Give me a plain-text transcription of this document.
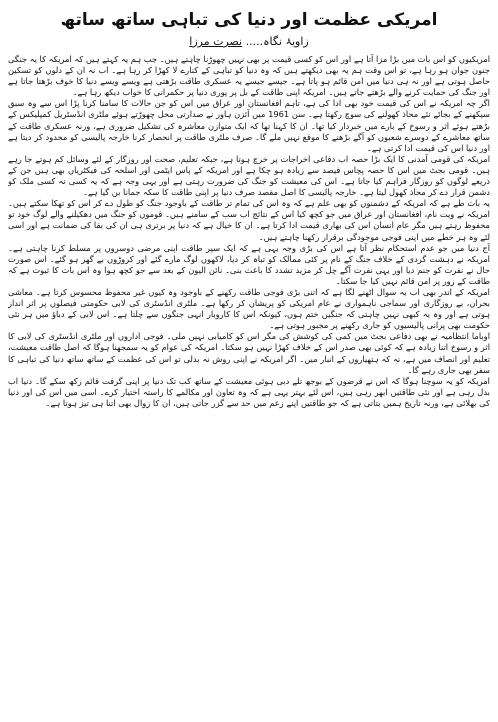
امریکی عظمت اور دنیا کی تباہی ساتھ ساتھ
زاویۂ نگاہ..... نصرت مرزا

امریکیوں کو اس بات میں بڑا مزا آتا ہے اور اس کو کسی قیمت پر بھی نہیں چھوڑنا چاہتے ہیں۔ جب ہم یہ کہتے ہیں کہ امریکہ کا یہ جنگی جنون جوان ہو رہا ہے، تو اس وقت ہم یہ بھی دیکھتے ہیں کہ وہ دنیا کو تباہی کے کنارے لا کھڑا کر رہا ہے۔ اب نہ ان کے دلوں کو تسکین حاصل ہوتی ہے اور نہ ہی دنیا میں امن قائم ہو پاتا ہے۔ جیسے جیسے یہ عسکری طاقت بڑھتی ہے ویسے ویسے دنیا کا خوف بڑھتا جاتا ہے اور جنگ کی حمایت کرنے والے بڑھتے جاتے ہیں۔ امریکہ اپنی طاقت کے بل پر پوری دنیا پر حکمرانی کا خواب دیکھ رہا ہے۔

اگر چہ امریکہ نے اس کی قیمت خود بھی ادا کی ہے، تاہم افغانستان اور عراق میں اس کو جن حالات کا سامنا کرنا پڑا اس سے وہ سبق سیکھنے کے بجائے نئے محاذ کھولنے کی سوچ رکھتا ہے۔ سن 1961 میں آئزن ہاور نے صدارتی محل چھوڑتے ہوئے ملٹری انڈسٹریل کمپلیکس کے بڑھتے ہوئے اثر و رسوخ کے بارے میں خبردار کیا تھا۔ ان کا کہنا تھا کہ ایک متوازن معاشرہ کی تشکیل ضروری ہے، ورنہ عسکری طاقت کے ساتھ معاشرے کے دوسرے شعبوں کو آگے بڑھنے کا موقع نہیں ملے گا۔ صرف ملٹری طاقت پر انحصار کرنا خارجہ پالیسی کو محدود کر دیتا ہے اور دنیا اس کی قیمت ادا کرتی ہے۔

امریکہ کی قومی آمدنی کا ایک بڑا حصہ اب دفاعی اخراجات پر خرچ ہوتا ہے، جبکہ تعلیم، صحت اور روزگار کے لئے وسائل کم ہوتے جا رہے ہیں۔ قومی بجٹ میں اس کا حصہ پچاس فیصد سے زیادہ ہو چکا ہے اور امریکہ کے پاس ایٹمی اور اسلحہ کی فیکٹریاں بھی ہیں جن کے ذریعے لوگوں کو روزگار فراہم کیا جاتا ہے۔ اس کی معیشت کو جنگ کی ضرورت رہتی ہے اور یہی وجہ ہے کہ یہ کسی نہ کسی ملک کو دشمن قرار دے کر محاذ کھول لیتا ہے۔ خارجہ پالیسی کا اصل مقصد صرف دنیا پر اپنی طاقت کا سکہ جمانا بن گیا ہے۔

یہ بات طے ہے کہ امریکہ کے دشمنوں کو بھی علم ہے کہ وہ اس کی تمام تر طاقت کے باوجود جنگ کو طول دے کر اس کو تھکا سکتے ہیں۔ امریکہ نے ویت نام، افغانستان اور عراق میں جو کچھ کیا اس کے نتائج اب سب کے سامنے ہیں۔ قوموں کو جنگ میں دھکیلنے والے لوگ خود تو محفوظ رہتے ہیں مگر عام انسان اس کی بھاری قیمت ادا کرتا ہے۔ ان کا خیال ہے کہ دنیا پر برتری ہی ان کی بقا کی ضمانت ہے اور اسی لئے وہ ہر خطے میں اپنی فوجی موجودگی برقرار رکھنا چاہتے ہیں۔

آج دنیا میں جو عدم استحکام نظر آتا ہے اس کی بڑی وجہ یہی ہے کہ ایک سپر طاقت اپنی مرضی دوسروں پر مسلط کرنا چاہتی ہے۔ امریکہ نے دہشت گردی کے خلاف جنگ کے نام پر کئی ممالک کو تباہ کر دیا، لاکھوں لوگ مارے گئے اور کروڑوں بے گھر ہو گئے۔ اس صورت حال نے نفرت کو جنم دیا اور یہی نفرت آگے چل کر مزید تشدد کا باعث بنی۔ نائن الیون کے بعد سے جو کچھ ہوا وہ اس بات کا ثبوت ہے کہ طاقت کے زور پر امن قائم نہیں کیا جا سکتا۔

امریکہ کے اندر بھی اب یہ سوال اٹھنے لگا ہے کہ اتنی بڑی فوجی طاقت رکھنے کے باوجود وہ کیوں غیر محفوظ محسوس کرتا ہے۔ معاشی بحران، بے روزگاری اور سماجی ناہمواری نے عام امریکی کو پریشان کر رکھا ہے۔ ملٹری انڈسٹری کی لابی حکومتی فیصلوں پر اثر انداز ہوتی ہے اور وہ یہ کبھی نہیں چاہتی کہ جنگیں ختم ہوں، کیونکہ اس کا کاروبار انہی جنگوں سے چلتا ہے۔ اس لابی کے دباؤ میں ہر نئی حکومت بھی پرانی پالیسیوں کو جاری رکھنے پر مجبور ہوتی ہے۔

اوباما انتظامیہ نے بھی دفاعی بجٹ میں کمی کی کوشش کی مگر اس کو کامیابی نہیں ملی۔ فوجی اداروں اور ملٹری انڈسٹری کی لابی کا اثر و رسوخ اتنا زیادہ ہے کہ کوئی بھی صدر اس کے خلاف کھڑا نہیں ہو سکتا۔ امریکہ کی عوام کو یہ سمجھنا ہوگا کہ اصل طاقت معیشت، تعلیم اور انصاف میں ہے، نہ کہ ہتھیاروں کے انبار میں۔ اگر امریکہ نے اپنی روش نہ بدلی تو اس کی عظمت کے ساتھ ساتھ دنیا کی تباہی کا سفر بھی جاری رہے گا۔

امریکہ کو یہ سوچنا ہوگا کہ اس نے قرضوں کے بوجھ تلے دبی ہوئی معیشت کے ساتھ کب تک دنیا پر اپنی گرفت قائم رکھ سکے گا۔ دنیا اب بدل رہی ہے اور نئی طاقتیں ابھر رہی ہیں، اس لئے بہتر یہی ہے کہ وہ تعاون اور مکالمے کا راستہ اختیار کرے۔ اسی میں اس کی اور دنیا کی بھلائی ہے، ورنہ تاریخ ہمیں بتاتی ہے کہ جو طاقتیں اپنے زعم میں حد سے گزر جاتی ہیں، ان کا زوال بھی اتنا ہی تیز ہوتا ہے۔
